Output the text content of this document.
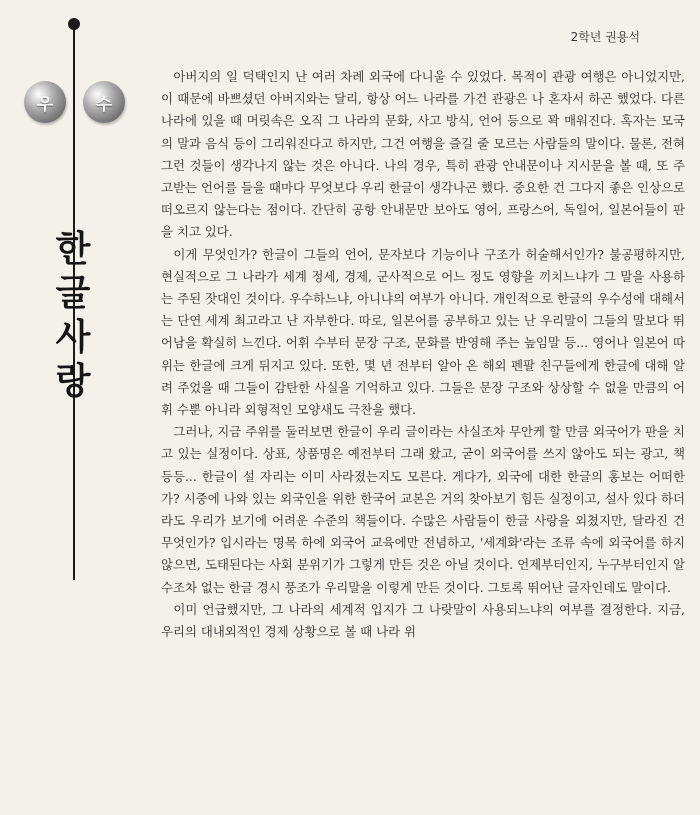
2학년 권용석
우	수
한
글
사
랑

아버지의 일 덕택인지 난 여러 차례 외국에 다니울 수 있었다. 목적이 관광 여행은 아니었지만, 이 때문에 바쁘셨던 아버지와는 달리, 항상 어느 나라를 가건 관광은 나 혼자서 하곤 했었다. 다른 나라에 있을 때 머릿속은 오직 그 나라의 문화, 사고 방식, 언어 등으로 꽉 매워진다. 혹자는 모국의 말과 음식 등이 그리워진다고 하지만, 그건 여행을 즐길 줄 모르는 사람들의 말이다. 물론, 전혀 그런 것들이 생각나지 않는 것은 아니다. 나의 경우, 특히 관광 안내문이나 지시문을 볼 때, 또 주고받는 언어를 들을 때마다 무엇보다 우리 한글이 생각나곤 했다. 중요한 건 그다지 좋은 인상으로 떠오르지 않는다는 점이다. 간단히 공항 안내문만 보아도 영어, 프랑스어, 독일어, 일본어들이 판을 치고 있다.

이게 무엇인가? 한글이 그들의 언어, 문자보다 기능이나 구조가 허술해서인가? 불공평하지만, 현실적으로 그 나라가 세계 정세, 경제, 군사적으로 어느 정도 영향을 끼치느냐가 그 말을 사용하는 주된 잣대인 것이다. 우수하느냐, 아니냐의 여부가 아니다. 개인적으로 한글의 우수성에 대해서는 단연 세계 최고라고 난 자부한다. 따로, 일본어를 공부하고 있는 난 우리말이 그들의 말보다 뛰어남을 확실히 느낀다. 어휘 수부터 문장 구조, 문화를 반영해 주는 높임말 등... 영어나 일본어 따위는 한글에 크게 뒤지고 있다. 또한, 몇 년 전부터 알아 온 해외 펜팔 친구들에게 한글에 대해 알려 주었을 때 그들이 감탄한 사실을 기억하고 있다. 그들은 문장 구조와 상상할 수 없을 만큼의 어휘 수뿐 아니라 외형적인 모양새도 극찬을 했다.

그러나, 지금 주위를 둘러보면 한글이 우리 글이라는 사실조차 무안케 할 만큼 외국어가 판을 치고 있는 실정이다. 상표, 상품명은 예전부터 그래 왔고, 굳이 외국어를 쓰지 않아도 되는 광고, 책 등등... 한글이 설 자리는 이미 사라졌는지도 모른다. 게다가, 외국에 대한 한글의 홍보는 어떠한가? 시중에 나와 있는 외국인을 위한 한국어 교본은 거의 찾아보기 힘든 실정이고, 설사 있다 하더라도 우리가 보기에 어려운 수준의 책들이다. 수많은 사람들이 한글 사랑을 외쳤지만, 달라진 건 무엇인가? 입시라는 명목 하에 외국어 교육에만 전념하고, '세계화'라는 조류 속에 외국어를 하지 않으면, 도태된다는 사회 분위기가 그렇게 만든 것은 아닐 것이다. 언제부터인지, 누구부터인지 알 수조차 없는 한글 경시 풍조가 우리말을 이렇게 만든 것이다. 그토록 뛰어난 글자인데도 말이다.

이미 언급했지만, 그 나라의 세계적 입지가 그 나랏말이 사용되느냐의 여부를 결정한다. 지금, 우리의 대내외적인 경제 상황으로 볼 때 나라 위
